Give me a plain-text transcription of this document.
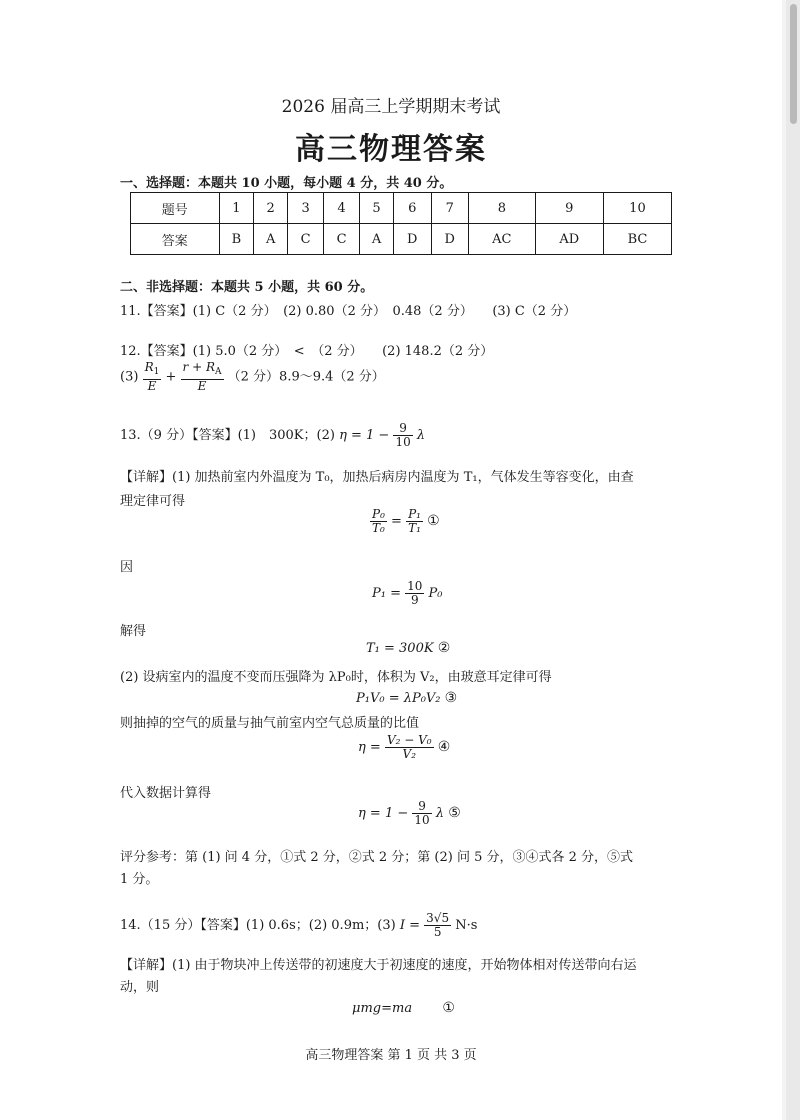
2026 届高三上学期期末考试
高三物理答案
一、选择题：本题共 10 小题，每小题 4 分，共 40 分。
题号	1	2	3	4	5	6	7	8	9	10
答案	B	A	C	C	A	D	D	AC	AD	BC
二、非选择题：本题共 5 小题，共 60 分。
11.【答案】(1) C（2 分）　(2) 0.80（2 分）　0.48（2 分）　　(3) C（2 分）
12.【答案】(1) 5.0（2 分）　<　（2 分）　　(2) 148.2（2 分）
$(3) \frac{R_1}{E} + \frac{r + R_A}{E} (2$ 分）8.9～9.4（2 分）
13.（9 分）【答案】(1)　300K；(2) $\eta = 1 - \frac{9}{10}$ λ
【详解】(1) 加热前室内外温度为 T₀，加热后病房内温度为 T₁，气体发生等容变化，由查
理定律可得
$\frac{\text{P₀}}{\text{T₀}} = \frac{\text{P₁}}{\text{T₁}}$ ①
因
$P_1 = \frac{10}{9} P_0$
解得
T₁ = 300K ②
(2) 设病室内的温度不变而压强降为 λP₀时，体积为 V₂，由玻意耳定律可得
P₁V₀ = λP₀V₂ ③
则抽掉的空气的质量与抽气前室内空气总质量的比值
$\eta = \frac{\text{V₂ − V₀}}{\text{V₂}}$ ④
代入数据计算得
$\eta = 1 - \frac{9}{10}$ λ ⑤
评分参考：第 (1) 问 4 分，①式 2 分，②式 2 分；第 (2) 问 5 分，③④式各 2 分，⑤式
1 分。
14.（15 分）【答案】(1) 0.6s；(2) 0.9m；(3) $I = \frac{3√5}{5} N\cdot s$
【详解】(1) 由于物块冲上传送带的初速度大于初速度的速度，开始物体相对传送带向右运
动，则
μmg=ma ①
高三物理答案 第 1 页 共 3 页
